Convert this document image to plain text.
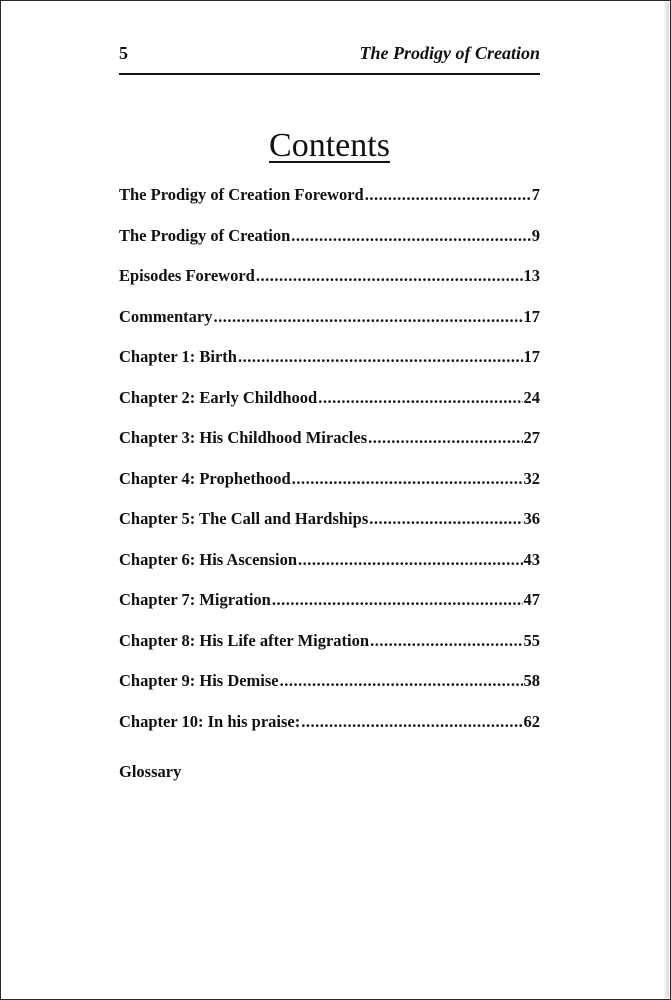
5	The Prodigy of Creation
Contents
The Prodigy of Creation Foreword .....	7
The Prodigy of Creation .....	9
Episodes Foreword .....	13
Commentary .....	17
Chapter 1: Birth .....	17
Chapter 2: Early Childhood .....	24
Chapter 3: His Childhood Miracles .....	27
Chapter 4: Prophethood .....	32
Chapter 5: The Call and Hardships .....	36
Chapter 6: His Ascension .....	43
Chapter 7: Migration .....	47
Chapter 8: His Life after Migration .....	55
Chapter 9: His Demise .....	58
Chapter 10: In his praise: .....	62
Glossary
